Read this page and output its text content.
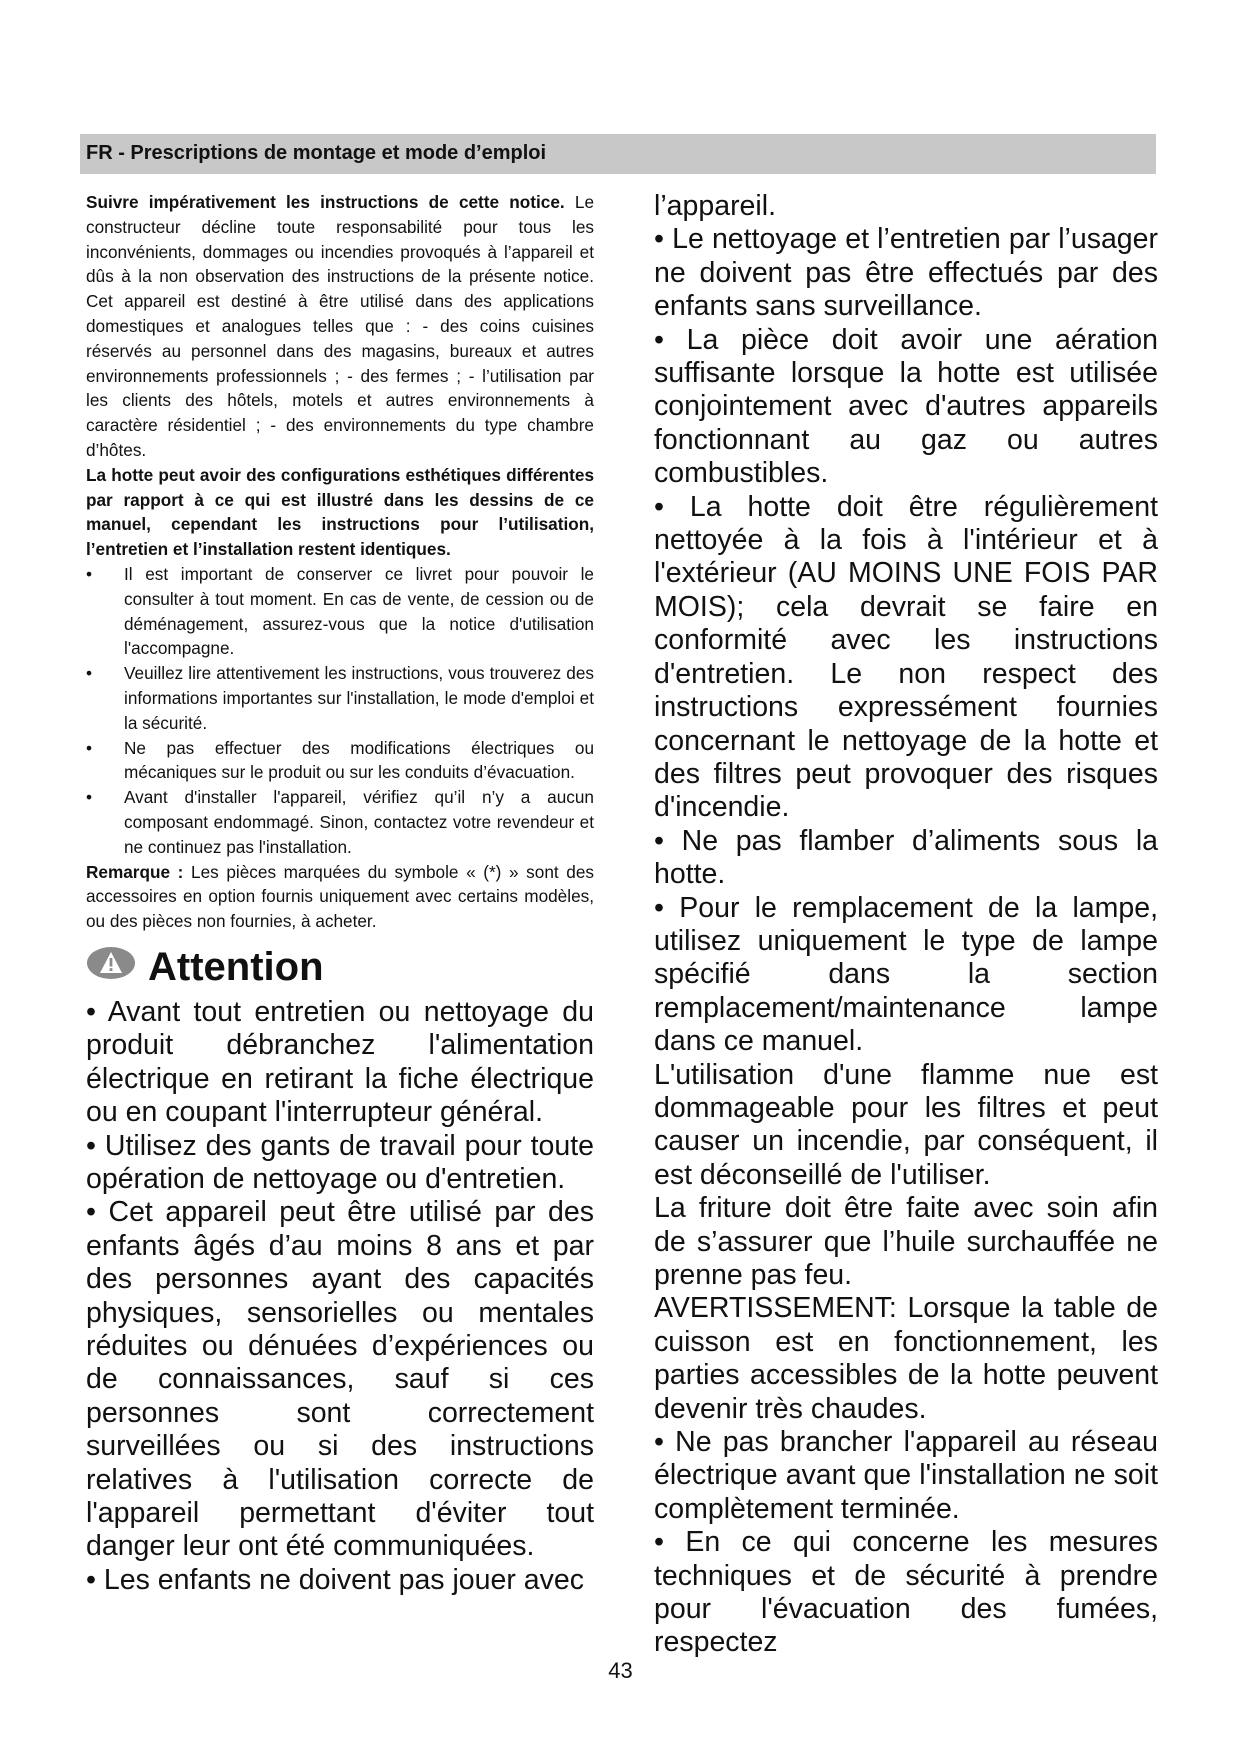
FR - Prescriptions de montage et mode d’emploi

Suivre impérativement les instructions de cette notice. Le constructeur décline toute responsabilité pour tous les inconvénients, dommages ou incendies provoqués à l’appareil et dûs à la non observation des instructions de la présente notice. Cet appareil est destiné à être utilisé dans des applications domestiques et analogues telles que : - des coins cuisines réservés au personnel dans des magasins, bureaux et autres environnements professionnels ; - des fermes ; - l’utilisation par les clients des hôtels, motels et autres environnements à caractère résidentiel ; - des environnements du type chambre d’hôtes.

La hotte peut avoir des configurations esthétiques différentes par rapport à ce qui est illustré dans les dessins de ce manuel, cependant les instructions pour l’utilisation, l’entretien et l’installation restent identiques.

• Il est important de conserver ce livret pour pouvoir le consulter à tout moment. En cas de vente, de cession ou de déménagement, assurez-vous que la notice d'utilisation l'accompagne.
• Veuillez lire attentivement les instructions, vous trouverez des informations importantes sur l'installation, le mode d'emploi et la sécurité.
• Ne pas effectuer des modifications électriques ou mécaniques sur le produit ou sur les conduits d’évacuation.
• Avant d'installer l'appareil, vérifiez qu’il n’y a aucun composant endommagé. Sinon, contactez votre revendeur et ne continuez pas l'installation.

Remarque : Les pièces marquées du symbole « (*) » sont des accessoires en option fournis uniquement avec certains modèles, ou des pièces non fournies, à acheter.

Attention

• Avant tout entretien ou nettoyage du produit débranchez l'alimentation électrique en retirant la fiche électrique ou en coupant l'interrupteur général.

• Utilisez des gants de travail pour toute opération de nettoyage ou d'entretien.

• Cet appareil peut être utilisé par des enfants âgés d’au moins 8 ans et par des personnes ayant des capacités physiques, sensorielles ou mentales réduites ou dénuées d’expériences ou de connaissances, sauf si ces personnes sont correctement surveillées ou si des instructions relatives à l'utilisation correcte de l'appareil permettant d'éviter tout danger leur ont été communiquées.

• Les enfants ne doivent pas jouer avec

l’appareil.

• Le nettoyage et l’entretien par l’usager ne doivent pas être effectués par des enfants sans surveillance.

• La pièce doit avoir une aération suffisante lorsque la hotte est utilisée conjointement avec d'autres appareils fonctionnant au gaz ou autres combustibles.

• La hotte doit être régulièrement nettoyée à la fois à l'intérieur et à l'extérieur (AU MOINS UNE FOIS PAR MOIS); cela devrait se faire en conformité avec les instructions d'entretien. Le non respect des instructions expressément fournies concernant le nettoyage de la hotte et des filtres peut provoquer des risques d'incendie.

• Ne pas flamber d’aliments sous la hotte.

• Pour le remplacement de la lampe, utilisez uniquement le type de lampe spécifié dans la section remplacement/maintenance lampe dans ce manuel.

L'utilisation d'une flamme nue est dommageable pour les filtres et peut causer un incendie, par conséquent, il est déconseillé de l'utiliser.

La friture doit être faite avec soin afin de s’assurer que l’huile surchauffée ne prenne pas feu.

AVERTISSEMENT: Lorsque la table de cuisson est en fonctionnement, les parties accessibles de la hotte peuvent devenir très chaudes.

• Ne pas brancher l'appareil au réseau électrique avant que l'installation ne soit complètement terminée.

• En ce qui concerne les mesures techniques et de sécurité à prendre pour l'évacuation des fumées, respectez

43
